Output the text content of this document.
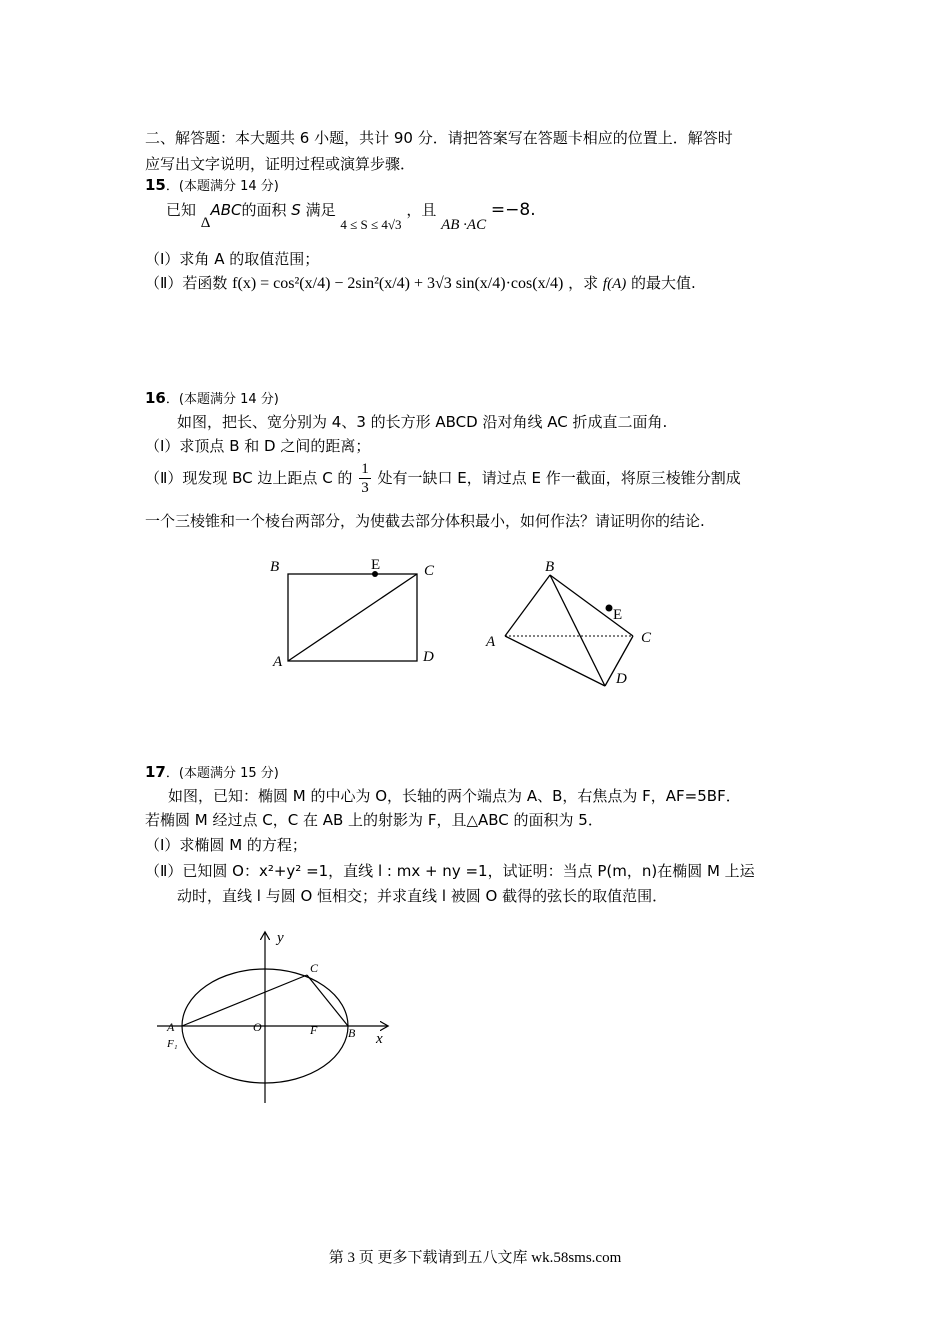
二、解答题：本大题共 6 小题，共计 90 分．请把答案写在答题卡相应的位置上．解答时
应写出文字说明，证明过程或演算步骤．
15．(本题满分 14 分)
已知 ΔABC的面积 S 满足 4 ≤ S ≤ 4√3 ，且 AB ·AC =−8.
（Ⅰ）求角 A 的取值范围；
（Ⅱ）若函数 f(x) = cos²(x/4) − 2sin²(x/4) + 3√3 sin(x/4)·cos(x/4) ，求 f(A) 的最大值.
16．(本题满分 14 分)
如图，把长、宽分别为 4、3 的长方形 ABCD 沿对角线 AC 折成直二面角.
（Ⅰ）求顶点 B 和 D 之间的距离；
（Ⅱ）现发现 BC 边上距点 C 的 $\frac{1}{3}$ 处有一缺口 E，请过点 E 作一截面，将原三棱锥分割成
一个三棱锥和一个棱台两部分，为使截去部分体积最小，如何作法？请证明你的结论.
B	E	C
A	D
B
E
A	C
D
17．(本题满分 15 分)
如图，已知：椭圆 M 的中心为 O，长轴的两个端点为 A、B，右焦点为 F，AF=5BF．
若椭圆 M 经过点 C，C 在 AB 上的射影为 F，且△ABC 的面积为 5．
（Ⅰ）求椭圆 M 的方程；
（Ⅱ）已知圆 O：x²+y² =1，直线 l : mx + ny =1，试证明：当点 P(m，n)在椭圆 M 上运
动时，直线 l 与圆 O 恒相交；并求直线 l 被圆 O 截得的弦长的取值范围．
y
x
C
A	O	F	B
F₁
第 3 页 更多下载请到五八文库 wk.58sms.com
